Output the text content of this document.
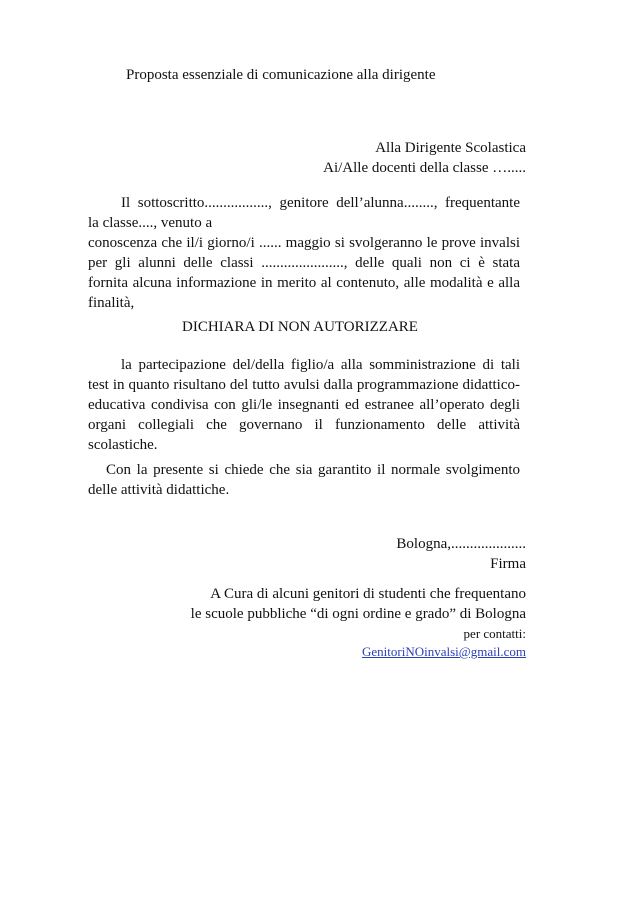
Proposta essenziale di comunicazione alla dirigente
Alla Dirigente Scolastica
Ai/Alle docenti della classe ….....
Il sottoscritto................., genitore dell’alunna........, frequentante
la classe...., venuto a
conoscenza che il/i giorno/i ...... maggio si svolgeranno le prove invalsi per gli alunni delle classi ......................, delle quali non ci è stata fornita alcuna informazione in merito al contenuto, alle modalità e alla finalità,
DICHIARA DI NON AUTORIZZARE
la partecipazione del/della figlio/a alla somministrazione di tali test in quanto risultano del tutto avulsi dalla programmazione didattico-educativa condivisa con gli/le insegnanti ed estranee all’operato degli organi collegiali che governano il funzionamento delle attività scolastiche.
Con la presente si chiede che sia garantito il normale svolgimento delle attività didattiche.
Bologna,....................
Firma
A Cura di alcuni genitori di studenti che frequentano
le scuole pubbliche “di ogni ordine e grado” di Bologna
per contatti:
GenitoriNOinvalsi@gmail.com
